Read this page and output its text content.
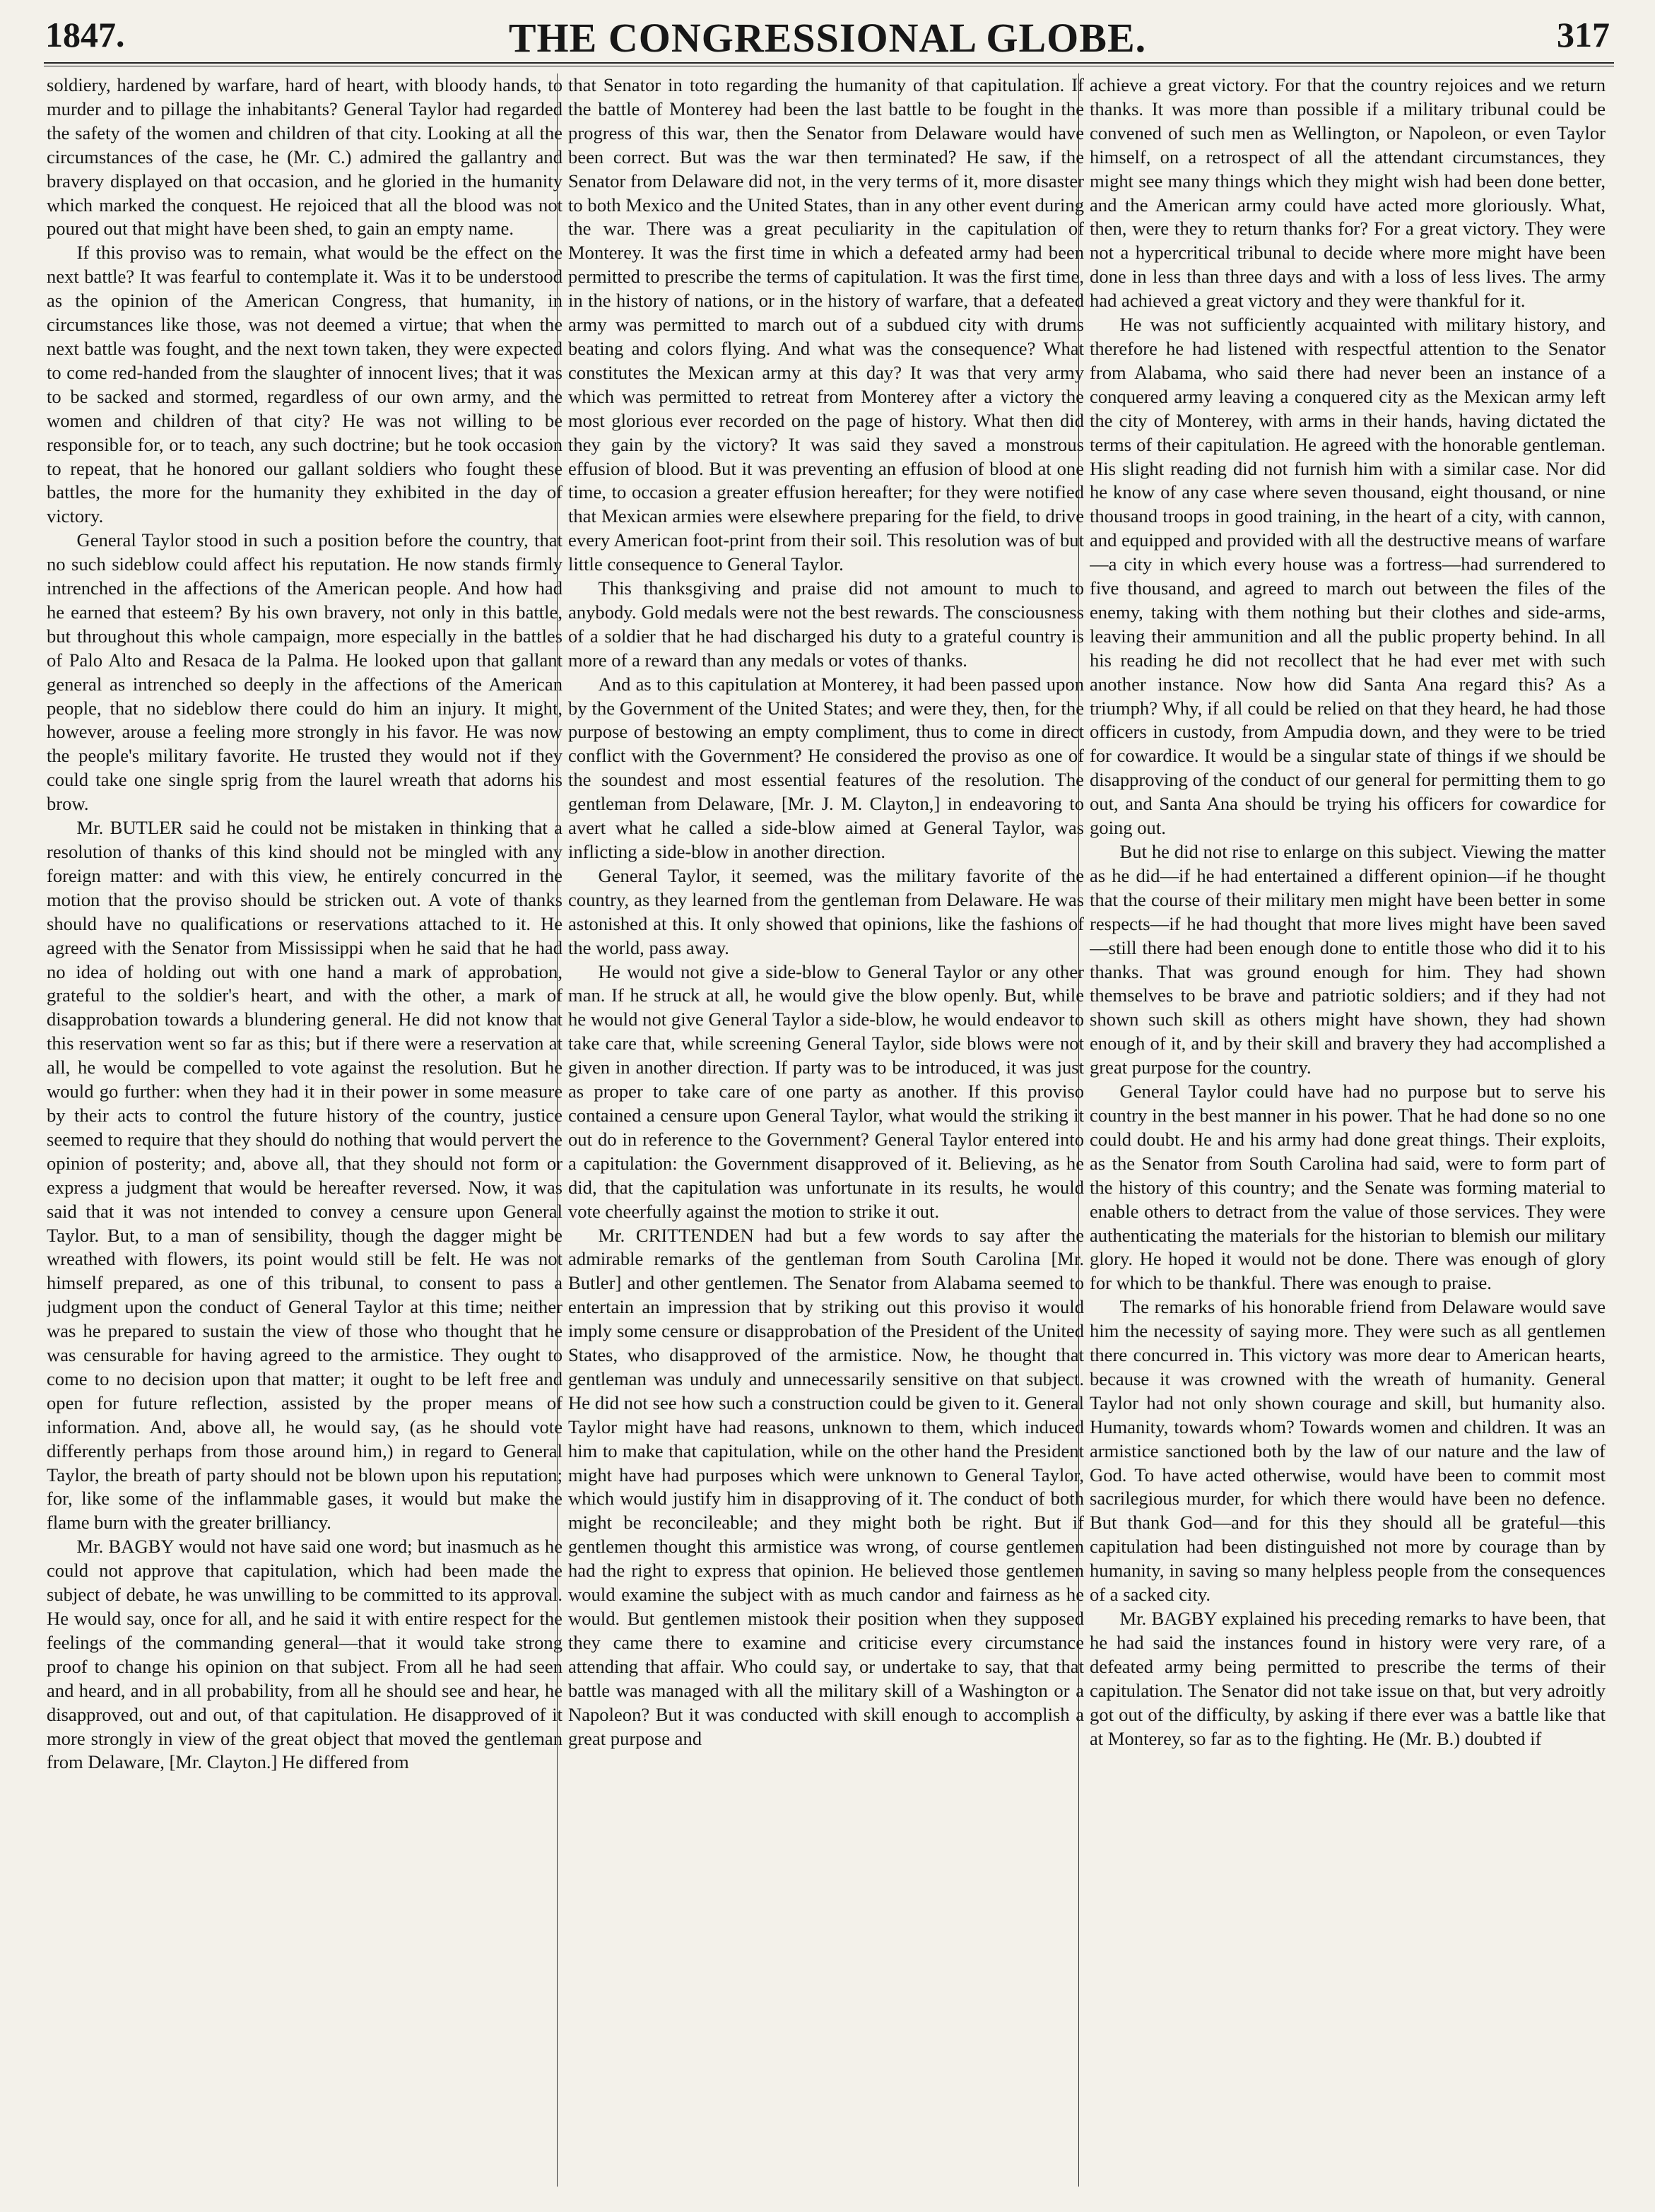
1847.	THE CONGRESSIONAL GLOBE.	317

soldiery, hardened by warfare, hard of heart, with bloody hands, to murder and to pillage the inhabitants? General Taylor had regarded the safety of the women and children of that city. Looking at all the circumstances of the case, he (Mr. C.) admired the gallantry and bravery displayed on that occasion, and he gloried in the humanity which marked the conquest. He rejoiced that all the blood was not poured out that might have been shed, to gain an empty name.

If this proviso was to remain, what would be the effect on the next battle? It was fearful to contemplate it. Was it to be understood as the opinion of the American Congress, that humanity, in circumstances like those, was not deemed a virtue; that when the next battle was fought, and the next town taken, they were expected to come red-handed from the slaughter of innocent lives; that it was to be sacked and stormed, regardless of our own army, and the women and children of that city? He was not willing to be responsible for, or to teach, any such doctrine; but he took occasion to repeat, that he honored our gallant soldiers who fought these battles, the more for the humanity they exhibited in the day of victory.

General Taylor stood in such a position before the country, that no such sideblow could affect his reputation. He now stands firmly intrenched in the affections of the American people. And how had he earned that esteem? By his own bravery, not only in this battle, but throughout this whole campaign, more especially in the battles of Palo Alto and Resaca de la Palma. He looked upon that gallant general as intrenched so deeply in the affections of the American people, that no sideblow there could do him an injury. It might, however, arouse a feeling more strongly in his favor. He was now the people's military favorite. He trusted they would not if they could take one single sprig from the laurel wreath that adorns his brow.

Mr. BUTLER said he could not be mistaken in thinking that a resolution of thanks of this kind should not be mingled with any foreign matter: and with this view, he entirely concurred in the motion that the proviso should be stricken out. A vote of thanks should have no qualifications or reservations attached to it. He agreed with the Senator from Mississippi when he said that he had no idea of holding out with one hand a mark of approbation, grateful to the soldier's heart, and with the other, a mark of disapprobation towards a blundering general. He did not know that this reservation went so far as this; but if there were a reservation at all, he would be compelled to vote against the resolution. But he would go further: when they had it in their power in some measure by their acts to control the future history of the country, justice seemed to require that they should do nothing that would pervert the opinion of posterity; and, above all, that they should not form or express a judgment that would be hereafter reversed. Now, it was said that it was not intended to convey a censure upon General Taylor. But, to a man of sensibility, though the dagger might be wreathed with flowers, its point would still be felt. He was not himself prepared, as one of this tribunal, to consent to pass a judgment upon the conduct of General Taylor at this time; neither was he prepared to sustain the view of those who thought that he was censurable for having agreed to the armistice. They ought to come to no decision upon that matter; it ought to be left free and open for future reflection, assisted by the proper means of information. And, above all, he would say, (as he should vote differently perhaps from those around him,) in regard to General Taylor, the breath of party should not be blown upon his reputation; for, like some of the inflammable gases, it would but make the flame burn with the greater brilliancy.

Mr. BAGBY would not have said one word; but inasmuch as he could not approve that capitulation, which had been made the subject of debate, he was unwilling to be committed to its approval. He would say, once for all, and he said it with entire respect for the feelings of the commanding general—that it would take strong proof to change his opinion on that subject. From all he had seen and heard, and in all probability, from all he should see and hear, he disapproved, out and out, of that capitulation. He disapproved of it more strongly in view of the great object that moved the gentleman from Delaware, [Mr. Clayton.] He differed from

that Senator in toto regarding the humanity of that capitulation. If the battle of Monterey had been the last battle to be fought in the progress of this war, then the Senator from Delaware would have been correct. But was the war then terminated? He saw, if the Senator from Delaware did not, in the very terms of it, more disaster to both Mexico and the United States, than in any other event during the war. There was a great peculiarity in the capitulation of Monterey. It was the first time in which a defeated army had been permitted to prescribe the terms of capitulation. It was the first time, in the history of nations, or in the history of warfare, that a defeated army was permitted to march out of a subdued city with drums beating and colors flying. And what was the consequence? What constitutes the Mexican army at this day? It was that very army which was permitted to retreat from Monterey after a victory the most glorious ever recorded on the page of history. What then did they gain by the victory? It was said they saved a monstrous effusion of blood. But it was preventing an effusion of blood at one time, to occasion a greater effusion hereafter; for they were notified that Mexican armies were elsewhere preparing for the field, to drive every American foot-print from their soil. This resolution was of but little consequence to General Taylor.

This thanksgiving and praise did not amount to much to anybody. Gold medals were not the best rewards. The consciousness of a soldier that he had discharged his duty to a grateful country is more of a reward than any medals or votes of thanks.

And as to this capitulation at Monterey, it had been passed upon by the Government of the United States; and were they, then, for the purpose of bestowing an empty compliment, thus to come in direct conflict with the Government? He considered the proviso as one of the soundest and most essential features of the resolution. The gentleman from Delaware, [Mr. J. M. Clayton,] in endeavoring to avert what he called a side-blow aimed at General Taylor, was inflicting a side-blow in another direction.

General Taylor, it seemed, was the military favorite of the country, as they learned from the gentleman from Delaware. He was astonished at this. It only showed that opinions, like the fashions of the world, pass away.

He would not give a side-blow to General Taylor or any other man. If he struck at all, he would give the blow openly. But, while he would not give General Taylor a side-blow, he would endeavor to take care that, while screening General Taylor, side blows were not given in another direction. If party was to be introduced, it was just as proper to take care of one party as another. If this proviso contained a censure upon General Taylor, what would the striking it out do in reference to the Government? General Taylor entered into a capitulation: the Government disapproved of it. Believing, as he did, that the capitulation was unfortunate in its results, he would vote cheerfully against the motion to strike it out.

Mr. CRITTENDEN had but a few words to say after the admirable remarks of the gentleman from South Carolina [Mr. Butler] and other gentlemen. The Senator from Alabama seemed to entertain an impression that by striking out this proviso it would imply some censure or disapprobation of the President of the United States, who disapproved of the armistice. Now, he thought that gentleman was unduly and unnecessarily sensitive on that subject. He did not see how such a construction could be given to it. General Taylor might have had reasons, unknown to them, which induced him to make that capitulation, while on the other hand the President might have had purposes which were unknown to General Taylor, which would justify him in disapproving of it. The conduct of both might be reconcileable; and they might both be right. But if gentlemen thought this armistice was wrong, of course gentlemen had the right to express that opinion. He believed those gentlemen would examine the subject with as much candor and fairness as he would. But gentlemen mistook their position when they supposed they came there to examine and criticise every circumstance attending that affair. Who could say, or undertake to say, that that battle was managed with all the military skill of a Washington or a Napoleon? But it was conducted with skill enough to accomplish a great purpose and

achieve a great victory. For that the country rejoices and we return thanks. It was more than possible if a military tribunal could be convened of such men as Wellington, or Napoleon, or even Taylor himself, on a retrospect of all the attendant circumstances, they might see many things which they might wish had been done better, and the American army could have acted more gloriously. What, then, were they to return thanks for? For a great victory. They were not a hypercritical tribunal to decide where more might have been done in less than three days and with a loss of less lives. The army had achieved a great victory and they were thankful for it.

He was not sufficiently acquainted with military history, and therefore he had listened with respectful attention to the Senator from Alabama, who said there had never been an instance of a conquered army leaving a conquered city as the Mexican army left the city of Monterey, with arms in their hands, having dictated the terms of their capitulation. He agreed with the honorable gentleman. His slight reading did not furnish him with a similar case. Nor did he know of any case where seven thousand, eight thousand, or nine thousand troops in good training, in the heart of a city, with cannon, and equipped and provided with all the destructive means of warfare—a city in which every house was a fortress—had surrendered to five thousand, and agreed to march out between the files of the enemy, taking with them nothing but their clothes and side-arms, leaving their ammunition and all the public property behind. In all his reading he did not recollect that he had ever met with such another instance. Now how did Santa Ana regard this? As a triumph? Why, if all could be relied on that they heard, he had those officers in custody, from Ampudia down, and they were to be tried for cowardice. It would be a singular state of things if we should be disapproving of the conduct of our general for permitting them to go out, and Santa Ana should be trying his officers for cowardice for going out.

But he did not rise to enlarge on this subject. Viewing the matter as he did—if he had entertained a different opinion—if he thought that the course of their military men might have been better in some respects—if he had thought that more lives might have been saved—still there had been enough done to entitle those who did it to his thanks. That was ground enough for him. They had shown themselves to be brave and patriotic soldiers; and if they had not shown such skill as others might have shown, they had shown enough of it, and by their skill and bravery they had accomplished a great purpose for the country.

General Taylor could have had no purpose but to serve his country in the best manner in his power. That he had done so no one could doubt. He and his army had done great things. Their exploits, as the Senator from South Carolina had said, were to form part of the history of this country; and the Senate was forming material to enable others to detract from the value of those services. They were authenticating the materials for the historian to blemish our military glory. He hoped it would not be done. There was enough of glory for which to be thankful. There was enough to praise.

The remarks of his honorable friend from Delaware would save him the necessity of saying more. They were such as all gentlemen there concurred in. This victory was more dear to American hearts, because it was crowned with the wreath of humanity. General Taylor had not only shown courage and skill, but humanity also. Humanity, towards whom? Towards women and children. It was an armistice sanctioned both by the law of our nature and the law of God. To have acted otherwise, would have been to commit most sacrilegious murder, for which there would have been no defence. But thank God—and for this they should all be grateful—this capitulation had been distinguished not more by courage than by humanity, in saving so many helpless people from the consequences of a sacked city.

Mr. BAGBY explained his preceding remarks to have been, that he had said the instances found in history were very rare, of a defeated army being permitted to prescribe the terms of their capitulation. The Senator did not take issue on that, but very adroitly got out of the difficulty, by asking if there ever was a battle like that at Monterey, so far as to the fighting. He (Mr. B.) doubted if
